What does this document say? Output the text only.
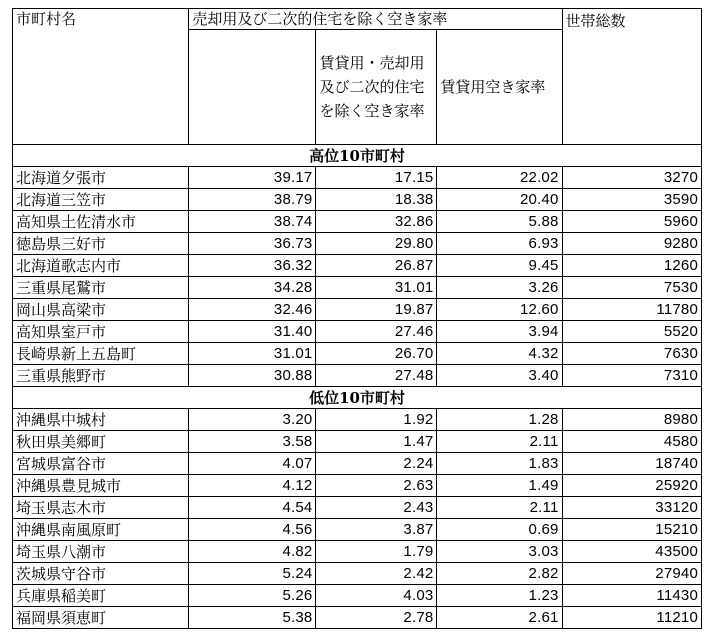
市町村名	売却用及び二次的住宅を除く空き家率			世帯総数
		賃貸用・売却用及び二次的住宅を除く空き家率	賃貸用空き家率	
高位10市町村				
北海道夕張市	39.17	17.15	22.02	3270
北海道三笠市	38.79	18.38	20.40	3590
高知県土佐清水市	38.74	32.86	5.88	5960
徳島県三好市	36.73	29.80	6.93	9280
北海道歌志内市	36.32	26.87	9.45	1260
三重県尾鷲市	34.28	31.01	3.26	7530
岡山県高梁市	32.46	19.87	12.60	11780
高知県室戸市	31.40	27.46	3.94	5520
長崎県新上五島町	31.01	26.70	4.32	7630
三重県熊野市	30.88	27.48	3.40	7310
低位10市町村				
沖縄県中城村	3.20	1.92	1.28	8980
秋田県美郷町	3.58	1.47	2.11	4580
宮城県富谷市	4.07	2.24	1.83	18740
沖縄県豊見城市	4.12	2.63	1.49	25920
埼玉県志木市	4.54	2.43	2.11	33120
沖縄県南風原町	4.56	3.87	0.69	15210
埼玉県八潮市	4.82	1.79	3.03	43500
茨城県守谷市	5.24	2.42	2.82	27940
兵庫県稲美町	5.26	4.03	1.23	11430
福岡県須恵町	5.38	2.78	2.61	11210
